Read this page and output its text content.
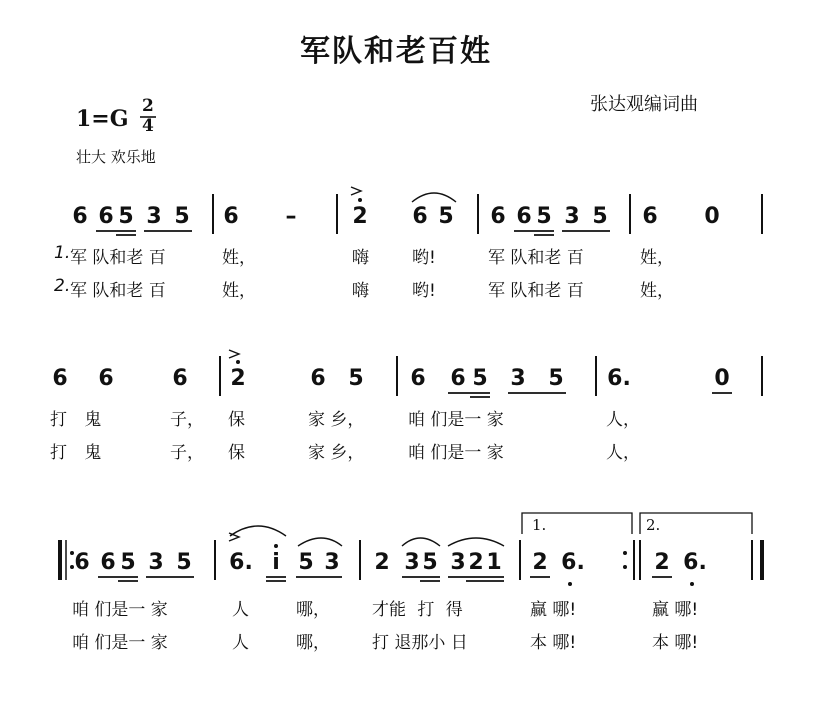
军队和老百姓
张达观编词曲
1=G 2
4
壮大 欢乐地
6 6 5 3 5 6 –	2 6 5 6 6 5 3 5 6 0
1. 军 队和老 百	姓，	嗨	哟!	军 队和老 百	姓，
2. 军 队和老 百	姓，	嗨	哟!	军 队和老 百	姓，
6 6	6 2	6 5 6 6 5 3 5 6.	0
打 鬼	子， 保	家 乡，	咱 们是一 家	人，
打 鬼	子， 保	家 乡，	咱 们是一 家	人，
6 6 5 3 5 6. i 5 3 2 3 5 3 2 1 2 6.	2 6.
1.	2.
咱 们是一 家	人	哪， 才能 打 得	赢 哪!	赢 哪!
咱 们是一 家	人	哪， 打 退那小 日	本 哪!	本 哪!
